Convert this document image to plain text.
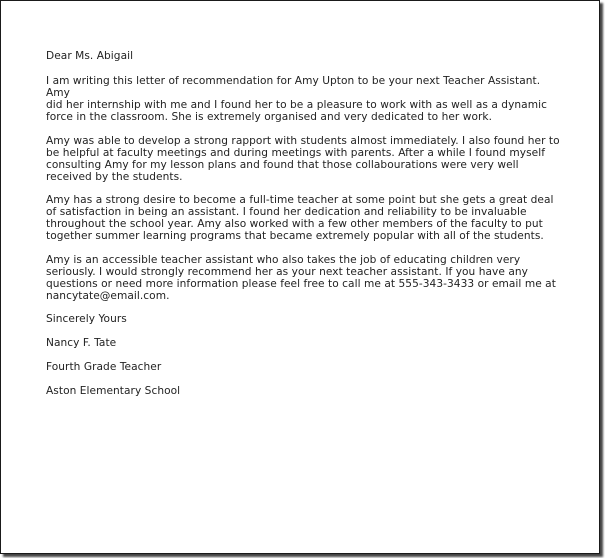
Dear Ms. Abigail

I am writing this letter of recommendation for Amy Upton to be your next Teacher Assistant. Amy
did her internship with me and I found her to be a pleasure to work with as well as a dynamic
force in the classroom. She is extremely organised and very dedicated to her work.

Amy was able to develop a strong rapport with students almost immediately. I also found her to
be helpful at faculty meetings and during meetings with parents. After a while I found myself
consulting Amy for my lesson plans and found that those collabourations were very well
received by the students.

Amy has a strong desire to become a full-time teacher at some point but she gets a great deal
of satisfaction in being an assistant. I found her dedication and reliability to be invaluable
throughout the school year. Amy also worked with a few other members of the faculty to put
together summer learning programs that became extremely popular with all of the students.

Amy is an accessible teacher assistant who also takes the job of educating children very
seriously. I would strongly recommend her as your next teacher assistant. If you have any
questions or need more information please feel free to call me at 555-343-3433 or email me at
nancytate@email.com.

Sincerely Yours

Nancy F. Tate

Fourth Grade Teacher

Aston Elementary School
